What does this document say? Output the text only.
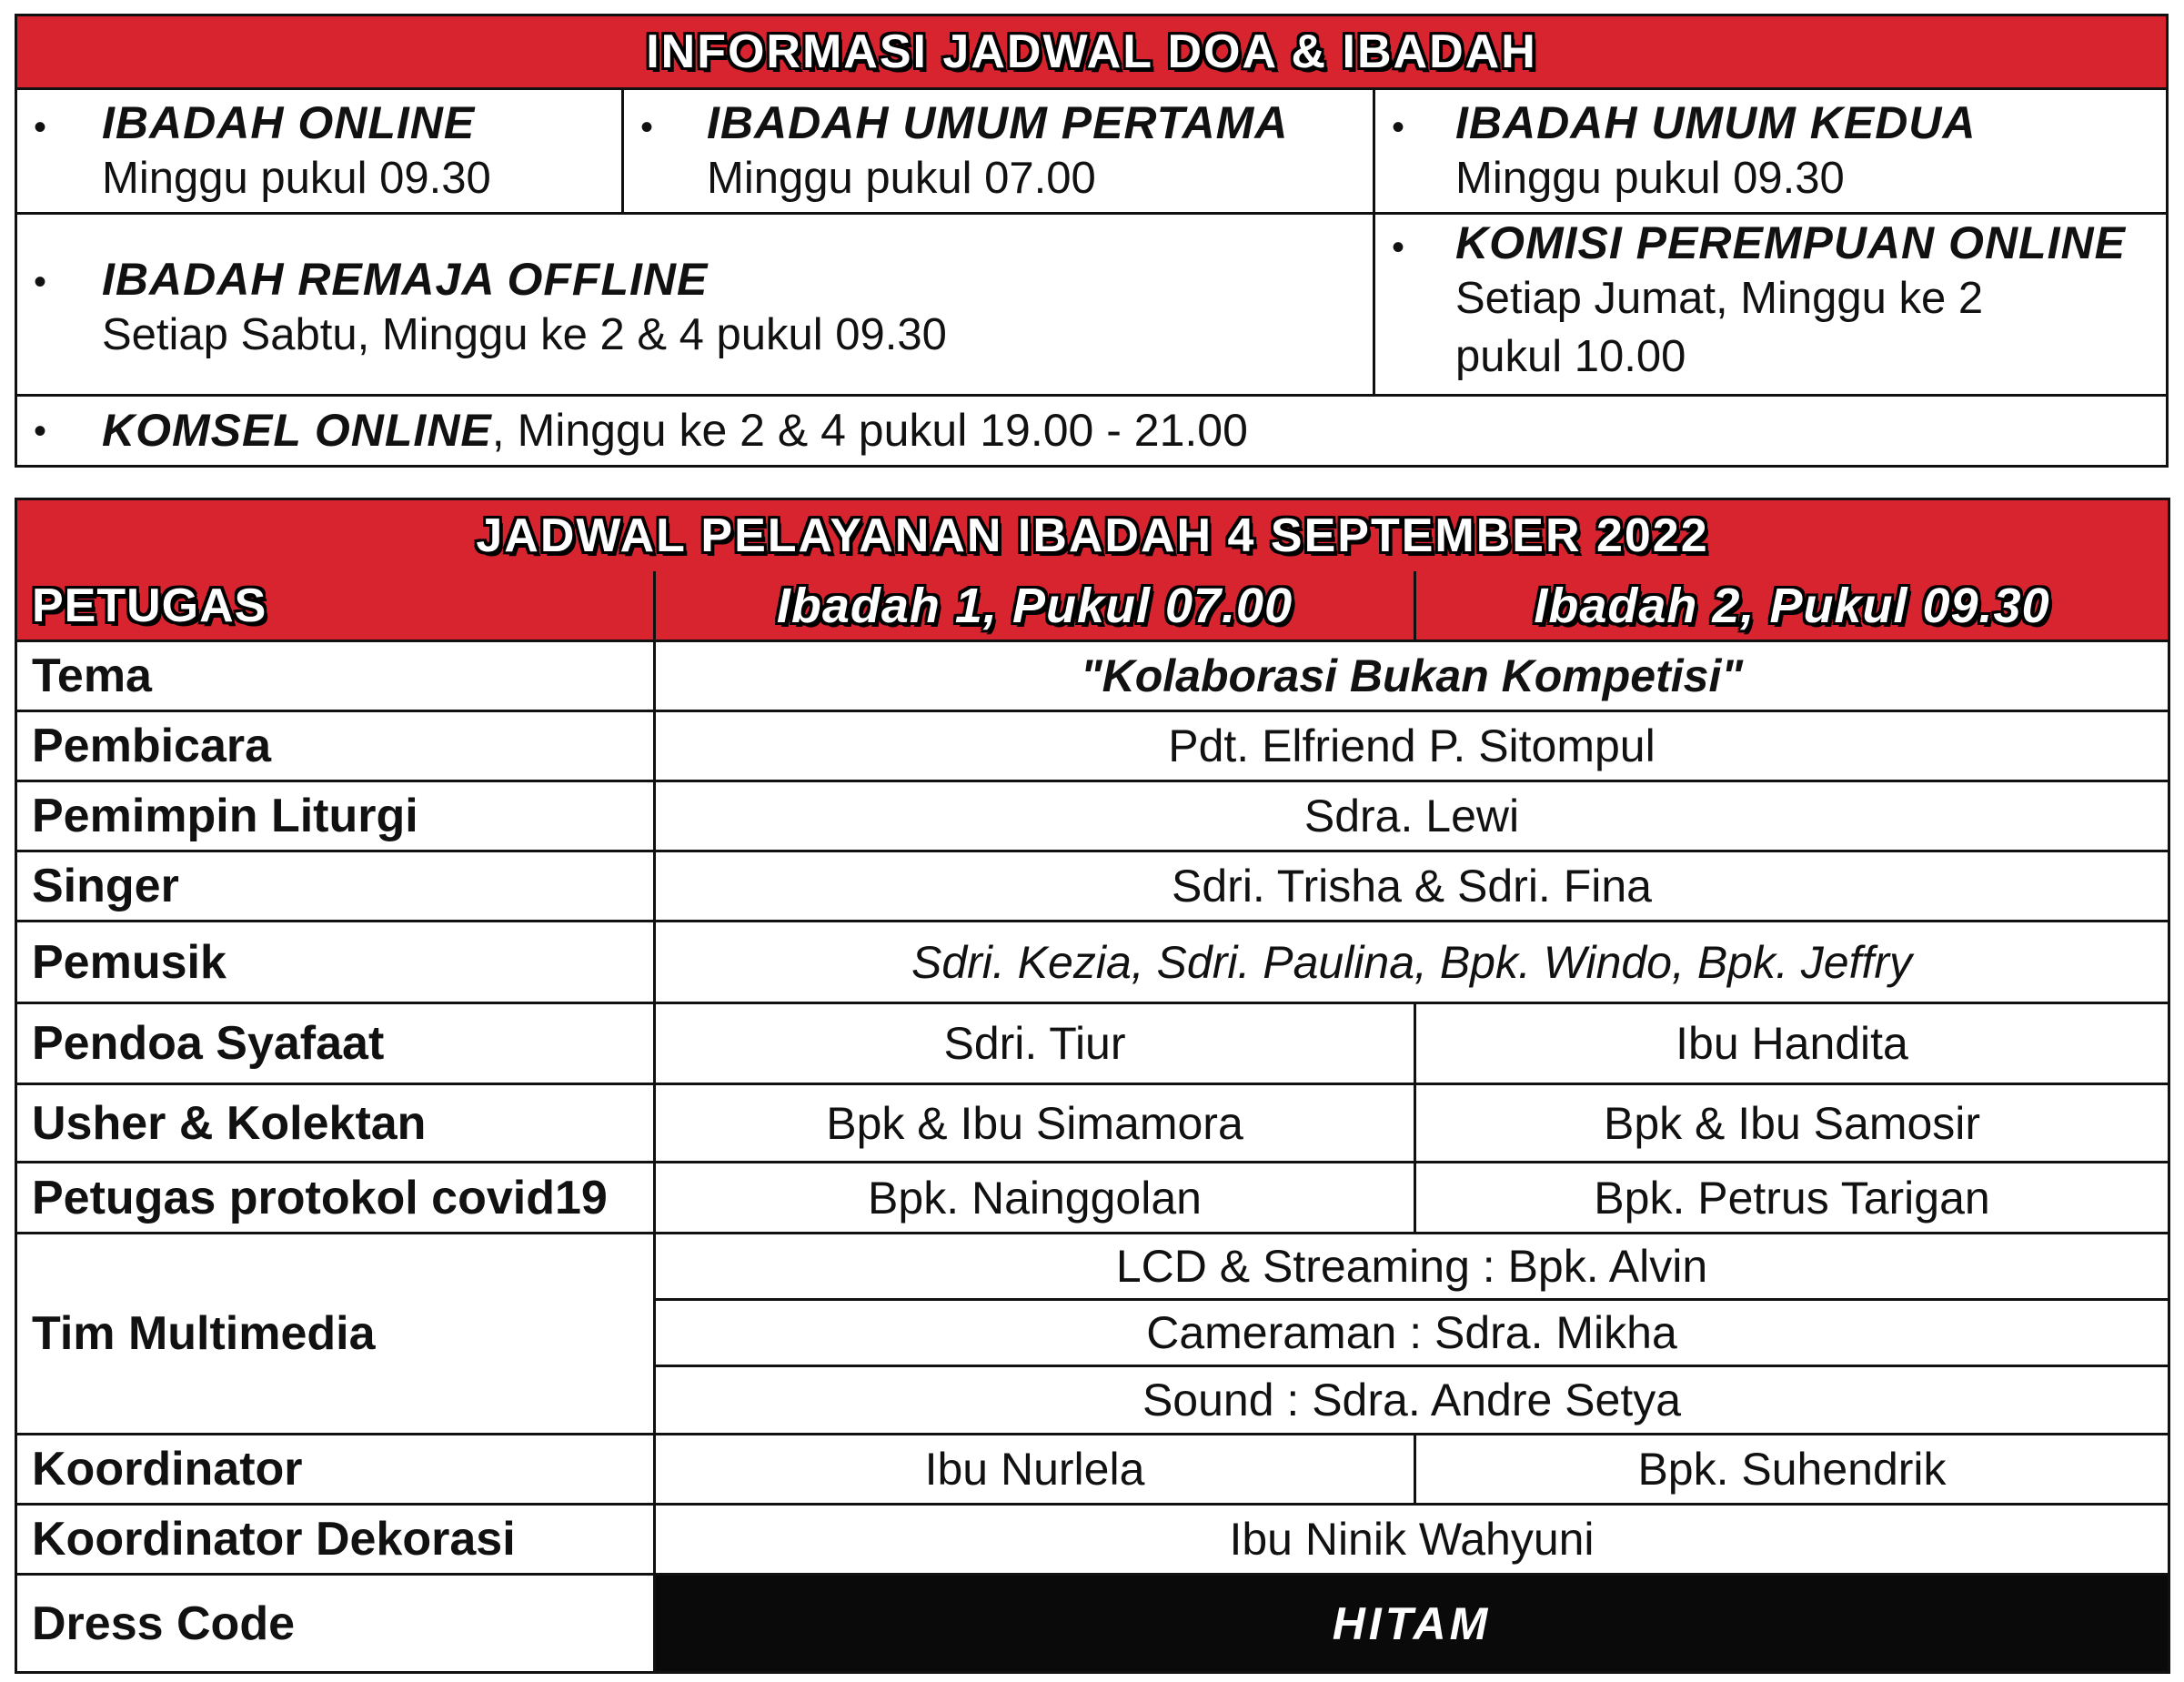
INFORMASI JADWAL DOA & IBADAH
• IBADAH ONLINE
Minggu pukul 09.30
• IBADAH UMUM PERTAMA
Minggu pukul 07.00
• IBADAH UMUM KEDUA
Minggu pukul 09.30
• IBADAH REMAJA OFFLINE
Setiap Sabtu, Minggu ke 2 & 4 pukul 09.30
• KOMISI PEREMPUAN ONLINE
Setiap Jumat, Minggu ke 2
pukul 10.00
• KOMSEL ONLINE, Minggu ke 2 & 4 pukul 19.00 - 21.00
JADWAL PELAYANAN IBADAH 4 SEPTEMBER 2022
PETUGAS	Ibadah 1, Pukul 07.00	Ibadah 2, Pukul 09.30
Tema	"Kolaborasi Bukan Kompetisi"
Pembicara	Pdt. Elfriend P. Sitompul
Pemimpin Liturgi	Sdra. Lewi
Singer	Sdri. Trisha & Sdri. Fina
Pemusik	Sdri. Kezia, Sdri. Paulina, Bpk. Windo, Bpk. Jeffry
Pendoa Syafaat	Sdri. Tiur	Ibu Handita
Usher & Kolektan	Bpk & Ibu Simamora	Bpk & Ibu Samosir
Petugas protokol covid19	Bpk. Nainggolan	Bpk. Petrus Tarigan
Tim Multimedia
LCD & Streaming : Bpk. Alvin
Cameraman : Sdra. Mikha
Sound : Sdra. Andre Setya
Koordinator	Ibu Nurlela	Bpk. Suhendrik
Koordinator Dekorasi	Ibu Ninik Wahyuni
Dress Code	HITAM
